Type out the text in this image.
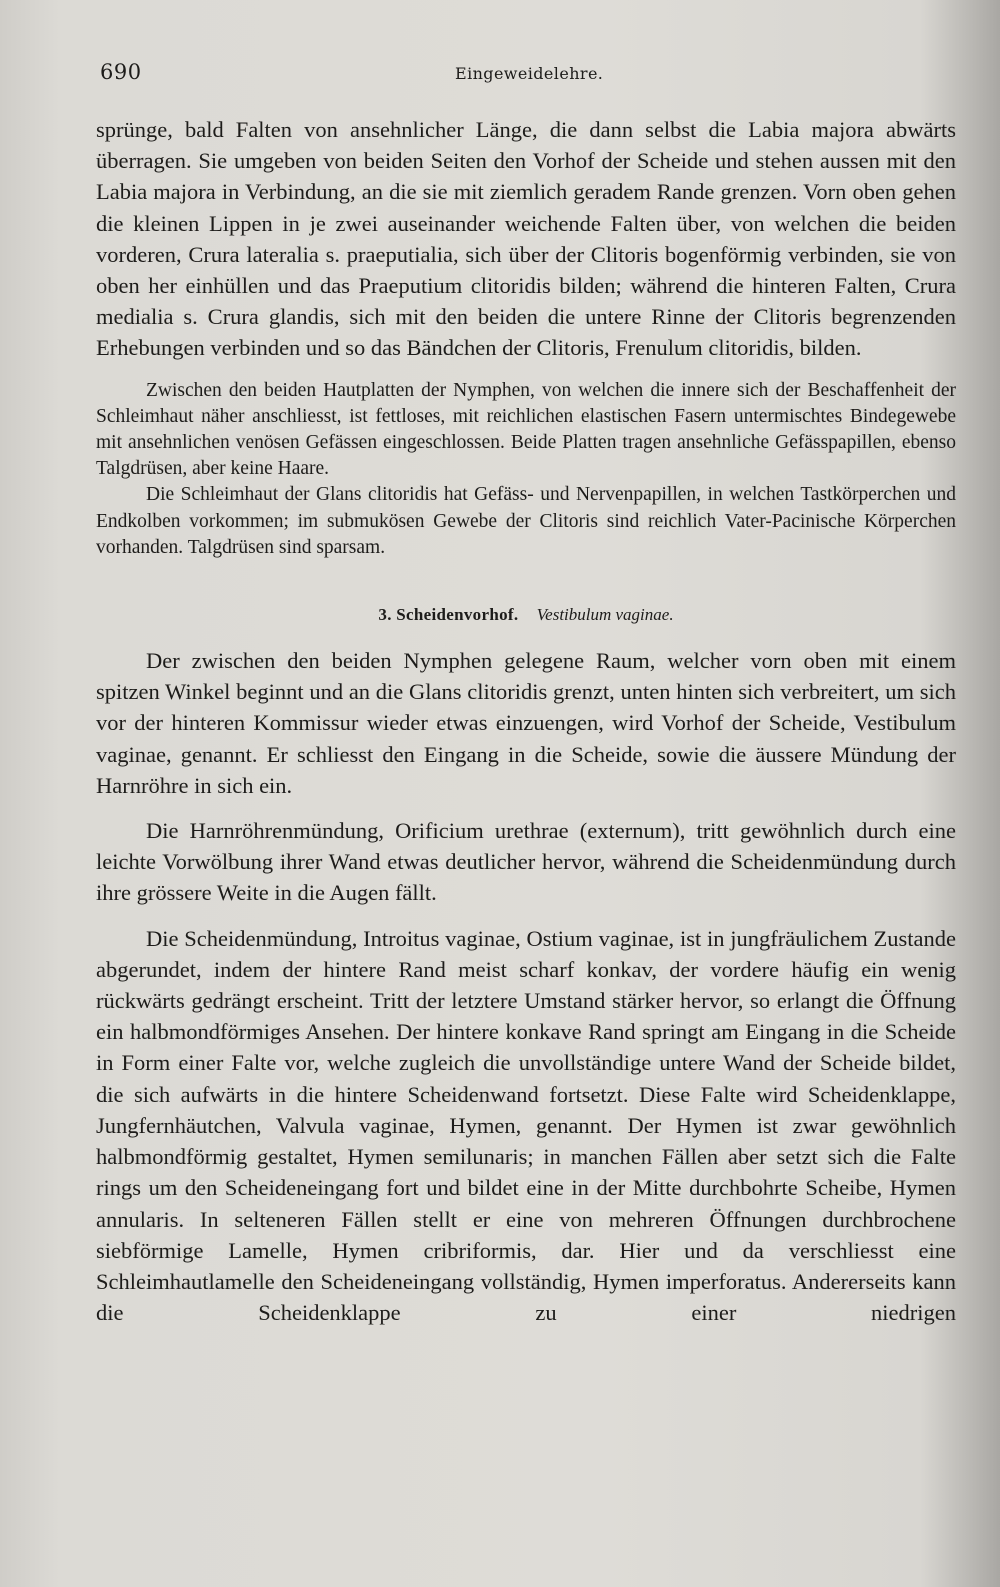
690	Eingeweidelehre.

sprünge, bald Falten von ansehnlicher Länge, die dann selbst die Labia majora abwärts überragen. Sie umgeben von beiden Seiten den Vorhof der Scheide und stehen aussen mit den Labia majora in Verbindung, an die sie mit ziemlich geradem Rande grenzen. Vorn oben gehen die kleinen Lippen in je zwei auseinander weichende Falten über, von welchen die beiden vorderen, Crura lateralia s. praeputialia, sich über der Clitoris bogenförmig verbinden, sie von oben her einhüllen und das Praeputium clitoridis bilden; während die hinteren Falten, Crura medialia s. Crura glandis, sich mit den beiden die untere Rinne der Clitoris begrenzenden Erhebungen verbinden und so das Bändchen der Clitoris, Frenulum clitoridis, bilden.

Zwischen den beiden Hautplatten der Nymphen, von welchen die innere sich der Beschaffenheit der Schleimhaut näher anschliesst, ist fettloses, mit reichlichen elastischen Fasern untermischtes Bindegewebe mit ansehnlichen venösen Gefässen eingeschlossen. Beide Platten tragen ansehnliche Gefässpapillen, ebenso Talgdrüsen, aber keine Haare.

Die Schleimhaut der Glans clitoridis hat Gefäss- und Nervenpapillen, in welchen Tastkörperchen und Endkolben vorkommen; im submukösen Gewebe der Clitoris sind reichlich Vater-Pacinische Körperchen vorhanden. Talgdrüsen sind sparsam.

3. Scheidenvorhof. Vestibulum vaginae.

Der zwischen den beiden Nymphen gelegene Raum, welcher vorn oben mit einem spitzen Winkel beginnt und an die Glans clitoridis grenzt, unten hinten sich verbreitert, um sich vor der hinteren Kommissur wieder etwas einzuengen, wird Vorhof der Scheide, Vestibulum vaginae, genannt. Er schliesst den Eingang in die Scheide, sowie die äussere Mündung der Harnröhre in sich ein.

Die Harnröhrenmündung, Orificium urethrae (externum), tritt gewöhnlich durch eine leichte Vorwölbung ihrer Wand etwas deutlicher hervor, während die Scheidenmündung durch ihre grössere Weite in die Augen fällt.

Die Scheidenmündung, Introitus vaginae, Ostium vaginae, ist in jungfräulichem Zustande abgerundet, indem der hintere Rand meist scharf konkav, der vordere häufig ein wenig rückwärts gedrängt erscheint. Tritt der letztere Umstand stärker hervor, so erlangt die Öffnung ein halbmondförmiges Ansehen. Der hintere konkave Rand springt am Eingang in die Scheide in Form einer Falte vor, welche zugleich die unvollständige untere Wand der Scheide bildet, die sich aufwärts in die hintere Scheidenwand fortsetzt. Diese Falte wird Scheidenklappe, Jungfernhäutchen, Valvula vaginae, Hymen, genannt. Der Hymen ist zwar gewöhnlich halbmondförmig gestaltet, Hymen semilunaris; in manchen Fällen aber setzt sich die Falte rings um den Scheideneingang fort und bildet eine in der Mitte durchbohrte Scheibe, Hymen annularis. In selteneren Fällen stellt er eine von mehreren Öffnungen durchbrochene siebförmige Lamelle, Hymen cribriformis, dar. Hier und da verschliesst eine Schleimhautlamelle den Scheideneingang vollständig, Hymen imperforatus. Andererseits kann die Scheidenklappe zu einer niedrigen
